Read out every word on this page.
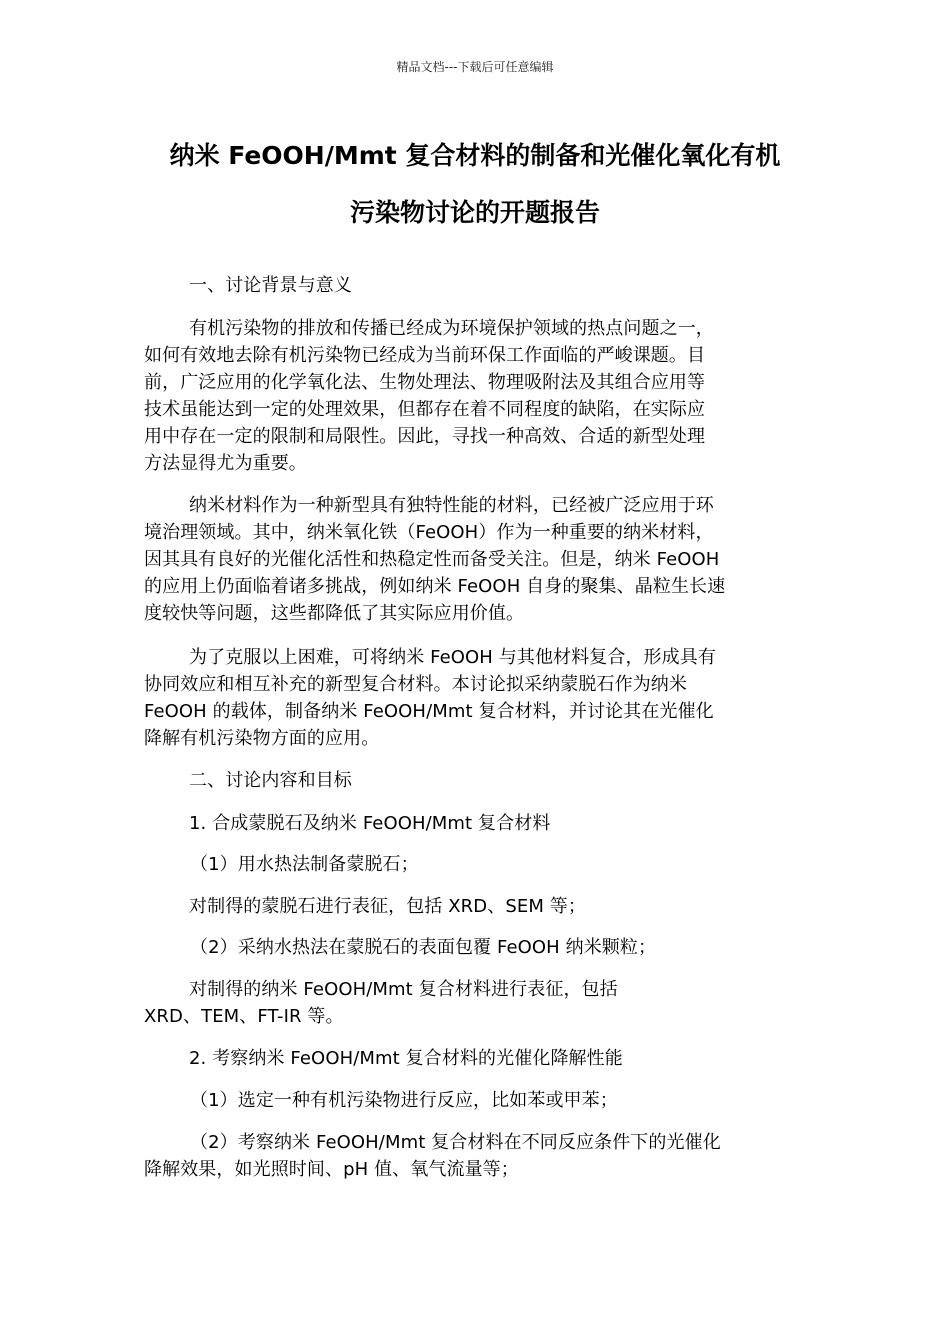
精品文档---下载后可任意编辑
纳米 FeOOH/Mmt 复合材料的制备和光催化氧化有机
污染物讨论的开题报告
一、讨论背景与意义
有机污染物的排放和传播已经成为环境保护领域的热点问题之一，
如何有效地去除有机污染物已经成为当前环保工作面临的严峻课题。目
前，广泛应用的化学氧化法、生物处理法、物理吸附法及其组合应用等
技术虽能达到一定的处理效果，但都存在着不同程度的缺陷，在实际应
用中存在一定的限制和局限性。因此，寻找一种高效、合适的新型处理
方法显得尤为重要。
纳米材料作为一种新型具有独特性能的材料，已经被广泛应用于环
境治理领域。其中，纳米氧化铁（FeOOH）作为一种重要的纳米材料，
因其具有良好的光催化活性和热稳定性而备受关注。但是，纳米 FeOOH
的应用上仍面临着诸多挑战，例如纳米 FeOOH 自身的聚集、晶粒生长速
度较快等问题，这些都降低了其实际应用价值。
为了克服以上困难，可将纳米 FeOOH 与其他材料复合，形成具有
协同效应和相互补充的新型复合材料。本讨论拟采纳蒙脱石作为纳米
FeOOH 的载体，制备纳米 FeOOH/Mmt 复合材料，并讨论其在光催化
降解有机污染物方面的应用。
二、讨论内容和目标
1. 合成蒙脱石及纳米 FeOOH/Mmt 复合材料
（1）用水热法制备蒙脱石；
对制得的蒙脱石进行表征，包括 XRD、SEM 等；
（2）采纳水热法在蒙脱石的表面包覆 FeOOH 纳米颗粒；
对制得的纳米 FeOOH/Mmt 复合材料进行表征，包括
XRD、TEM、FT-IR 等。
2. 考察纳米 FeOOH/Mmt 复合材料的光催化降解性能
（1）选定一种有机污染物进行反应，比如苯或甲苯；
（2）考察纳米 FeOOH/Mmt 复合材料在不同反应条件下的光催化
降解效果，如光照时间、pH 值、氧气流量等；
